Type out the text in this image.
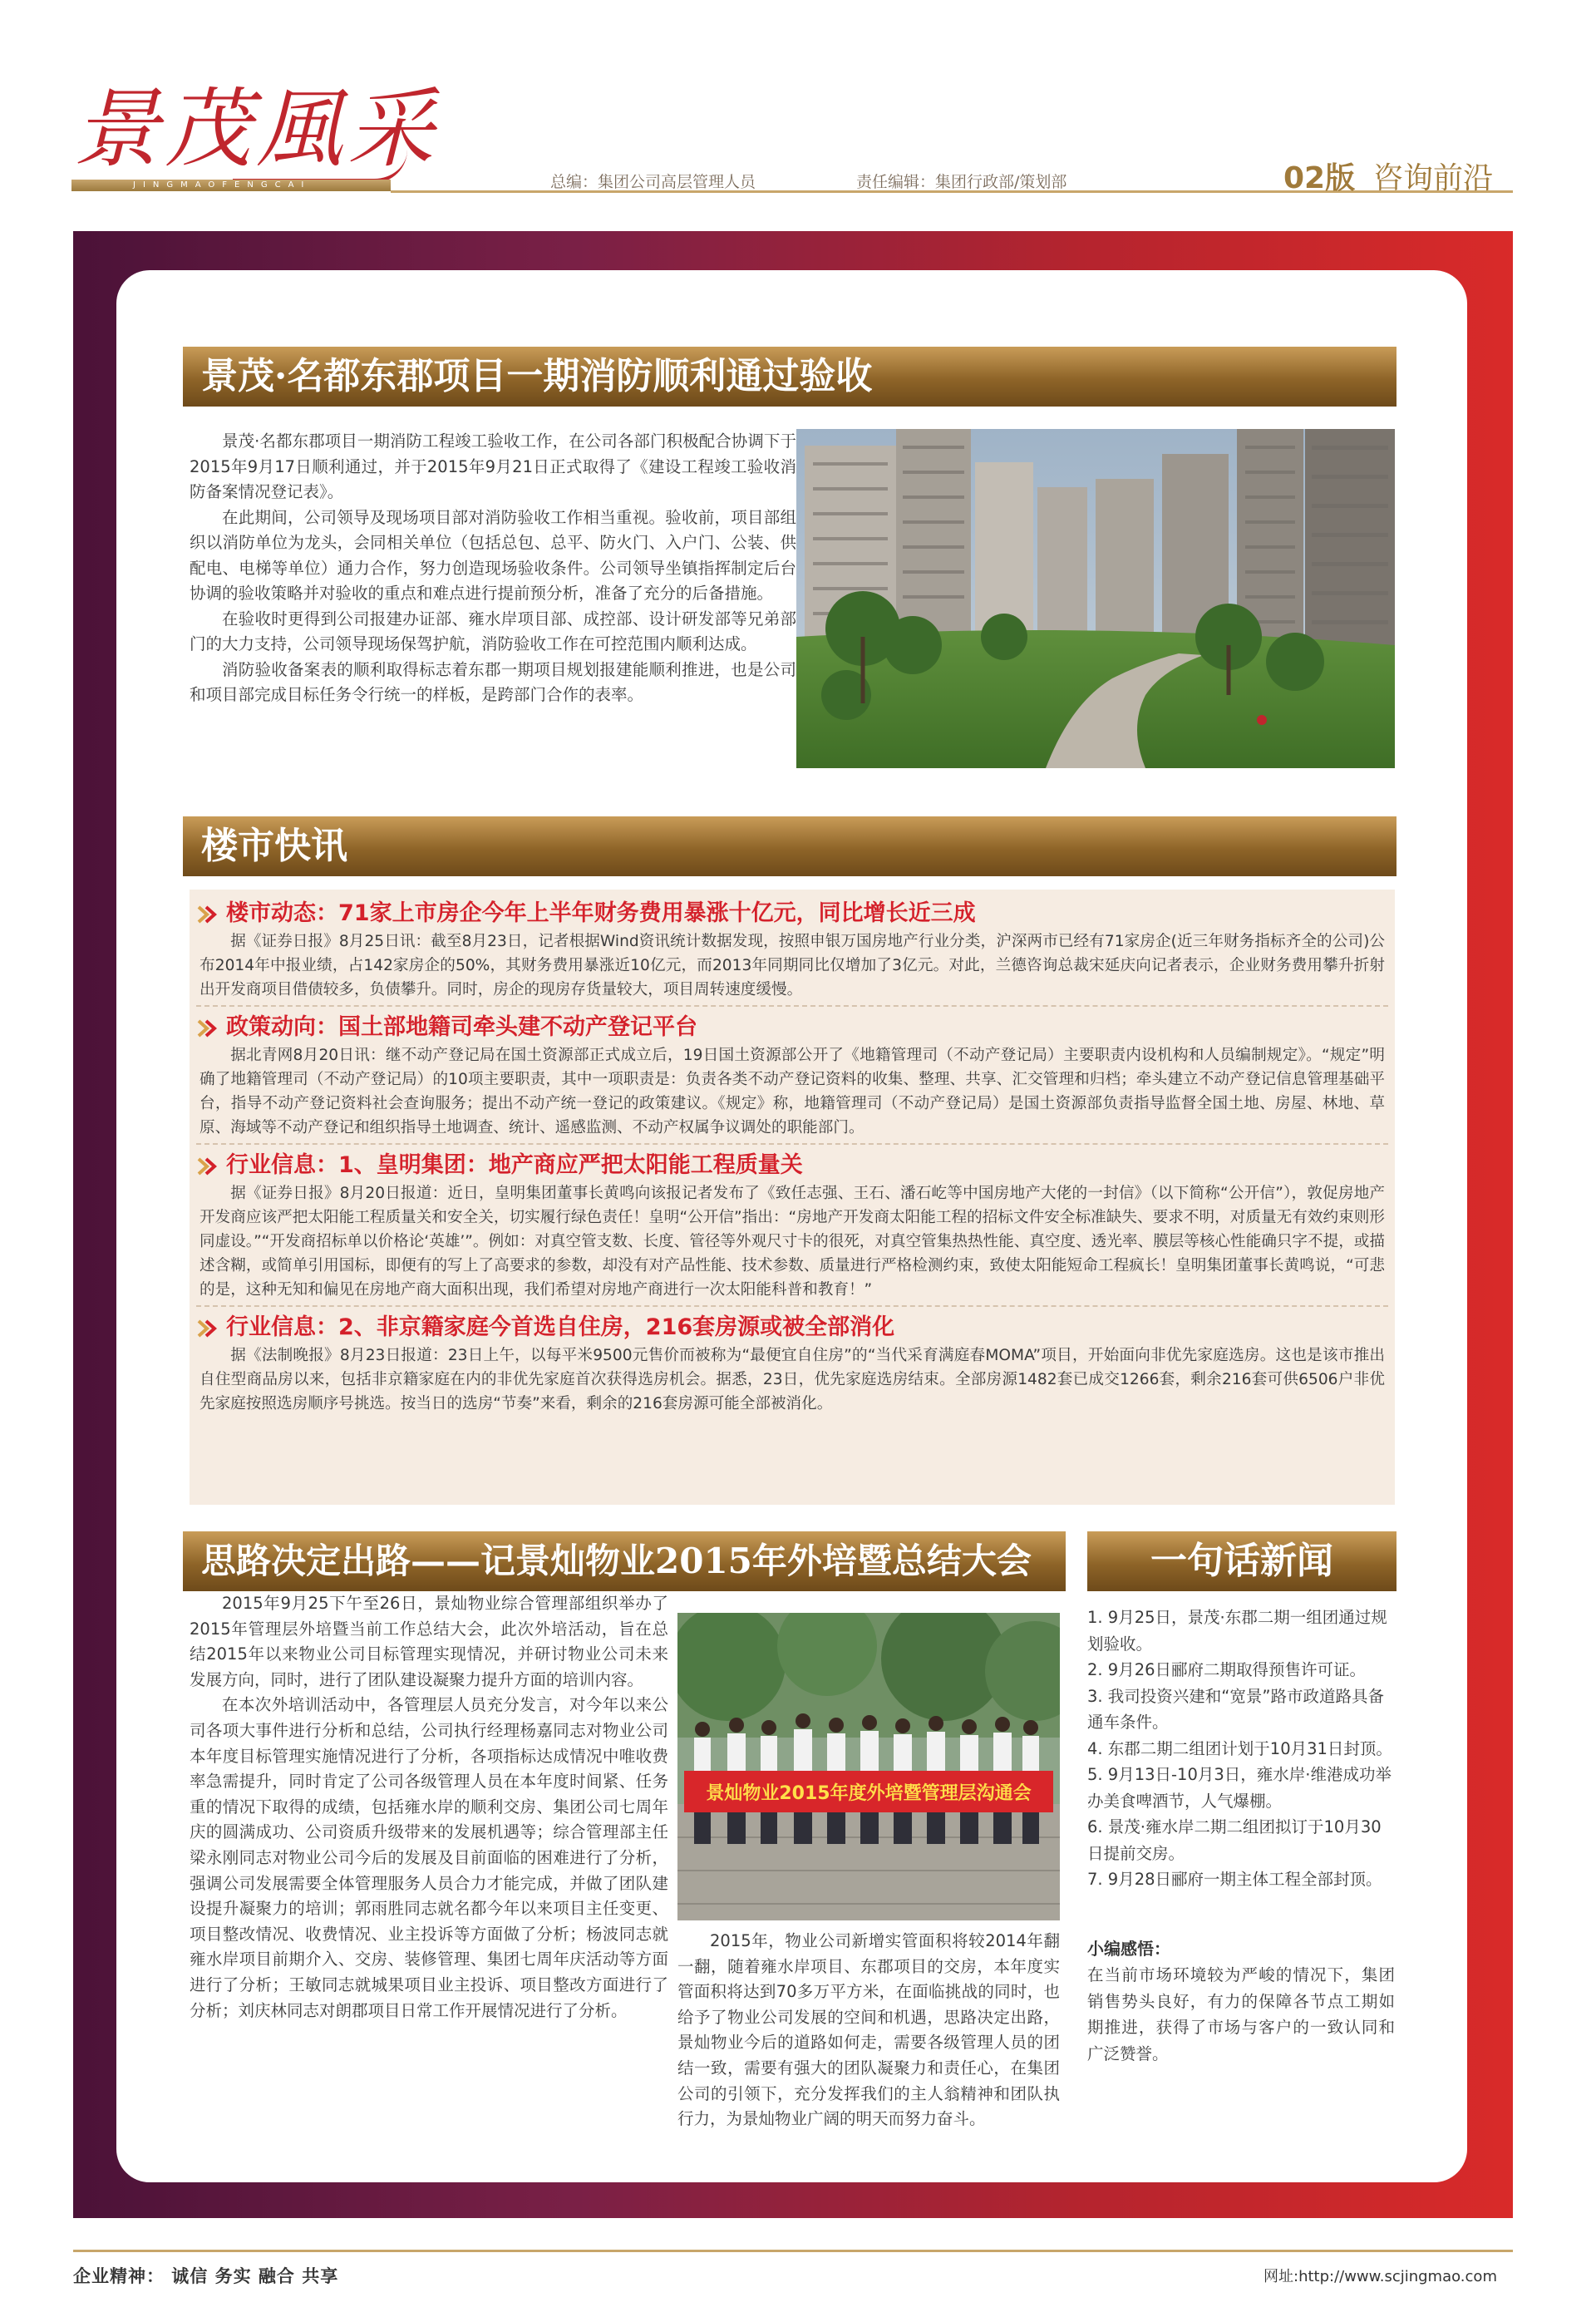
景茂風采
JINGMAOFENGCAI	总编：集团公司高层管理人员	责任编辑：集团行政部/策划部	02版 咨询前沿
景茂·名都东郡项目一期消防顺利通过验收

景茂·名都东郡项目一期消防工程竣工验收工作，在公司各部门积极配合协调下于2015年9月17日顺利通过，并于2015年9月21日正式取得了《建设工程竣工验收消防备案情况登记表》。

在此期间，公司领导及现场项目部对消防验收工作相当重视。验收前，项目部组织以消防单位为龙头，会同相关单位（包括总包、总平、防火门、入户门、公装、供配电、电梯等单位）通力合作，努力创造现场验收条件。公司领导坐镇指挥制定后台协调的验收策略并对验收的重点和难点进行提前预分析，准备了充分的后备措施。

在验收时更得到公司报建办证部、雍水岸项目部、成控部、设计研发部等兄弟部门的大力支持，公司领导现场保驾护航，消防验收工作在可控范围内顺利达成。

消防验收备案表的顺利取得标志着东郡一期项目规划报建能顺利推进，也是公司和项目部完成目标任务令行统一的样板，是跨部门合作的表率。

楼市快讯
楼市动态：71家上市房企今年上半年财务费用暴涨十亿元，同比增长近三成
据《证券日报》8月25日讯：截至8月23日，记者根据Wind资讯统计数据发现，按照申银万国房地产行业分类，沪深两市已经有71家房企(近三年财务指标齐全的公司)公布2014年中报业绩，占142家房企的50%，其财务费用暴涨近10亿元，而2013年同期同比仅增加了3亿元。对此，兰德咨询总裁宋延庆向记者表示，企业财务费用攀升折射出开发商项目借债较多，负债攀升。同时，房企的现房存货量较大，项目周转速度缓慢。
政策动向：国土部地籍司牵头建不动产登记平台
据北青网8月20日讯：继不动产登记局在国土资源部正式成立后，19日国土资源部公开了《地籍管理司（不动产登记局）主要职责内设机构和人员编制规定》。“规定”明确了地籍管理司（不动产登记局）的10项主要职责，其中一项职责是：负责各类不动产登记资料的收集、整理、共享、汇交管理和归档；牵头建立不动产登记信息管理基础平台，指导不动产登记资料社会查询服务；提出不动产统一登记的政策建议。《规定》称，地籍管理司（不动产登记局）是国土资源部负责指导监督全国土地、房屋、林地、草原、海域等不动产登记和组织指导土地调查、统计、遥感监测、不动产权属争议调处的职能部门。
行业信息：1、皇明集团：地产商应严把太阳能工程质量关
据《证券日报》8月20日报道：近日，皇明集团董事长黄鸣向该报记者发布了《致任志强、王石、潘石屹等中国房地产大佬的一封信》（以下简称“公开信”），敦促房地产开发商应该严把太阳能工程质量关和安全关，切实履行绿色责任！皇明“公开信”指出：“房地产开发商太阳能工程的招标文件安全标准缺失、要求不明，对质量无有效约束则形同虚设。”“开发商招标单以价格论‘英雄’”。例如：对真空管支数、长度、管径等外观尺寸卡的很死，对真空管集热热性能、真空度、透光率、膜层等核心性能确只字不提，或描述含糊，或简单引用国标，即便有的写上了高要求的参数，却没有对产品性能、技术参数、质量进行严格检测约束，致使太阳能短命工程疯长！皇明集团董事长黄鸣说，“可悲的是，这种无知和偏见在房地产商大面积出现，我们希望对房地产商进行一次太阳能科普和教育！”
行业信息：2、非京籍家庭今首选自住房，216套房源或被全部消化
据《法制晚报》8月23日报道：23日上午，以每平米9500元售价而被称为“最便宜自住房”的“当代采育满庭春MOMA”项目，开始面向非优先家庭选房。这也是该市推出自住型商品房以来，包括非京籍家庭在内的非优先家庭首次获得选房机会。据悉，23日，优先家庭选房结束。全部房源1482套已成交1266套，剩余216套可供6506户非优先家庭按照选房顺序号挑选。按当日的选房“节奏”来看，剩余的216套房源可能全部被消化。
思路决定出路——记景灿物业2015年外培暨总结大会

2015年9月25下午至26日，景灿物业综合管理部组织举办了2015年管理层外培暨当前工作总结大会，此次外培活动，旨在总结2015年以来物业公司目标管理实现情况，并研讨物业公司未来发展方向，同时，进行了团队建设凝聚力提升方面的培训内容。

在本次外培训活动中，各管理层人员充分发言，对今年以来公司各项大事件进行分析和总结，公司执行经理杨嘉同志对物业公司本年度目标管理实施情况进行了分析，各项指标达成情况中唯收费率急需提升，同时肯定了公司各级管理人员在本年度时间紧、任务重的情况下取得的成绩，包括雍水岸的顺利交房、集团公司七周年庆的圆满成功、公司资质升级带来的发展机遇等；综合管理部主任梁永刚同志对物业公司今后的发展及目前面临的困难进行了分析，强调公司发展需要全体管理服务人员合力才能完成，并做了团队建设提升凝聚力的培训；郭雨胜同志就名都今年以来项目主任变更、项目整改情况、收费情况、业主投诉等方面做了分析；杨波同志就雍水岸项目前期介入、交房、装修管理、集团七周年庆活动等方面进行了分析；王敏同志就城果项目业主投诉、项目整改方面进行了分析；刘庆林同志对朗郡项目日常工作开展情况进行了分析。

景灿物业2015年度外培暨管理层沟通会

2015年，物业公司新增实管面积将较2014年翻一翻，随着雍水岸项目、东郡项目的交房，本年度实管面积将达到70多万平方米，在面临挑战的同时，也给予了物业公司发展的空间和机遇，思路决定出路，景灿物业今后的道路如何走，需要各级管理人员的团结一致，需要有强大的团队凝聚力和责任心，在集团公司的引领下，充分发挥我们的主人翁精神和团队执行力，为景灿物业广阔的明天而努力奋斗。

一句话新闻
1. 9月25日，景茂·东郡二期一组团通过规划验收。
2. 9月26日郦府二期取得预售许可证。
3. 我司投资兴建和“宽景”路市政道路具备通车条件。
4. 东郡二期二组团计划于10月31日封顶。
5. 9月13日-10月3日，雍水岸·维港成功举办美食啤酒节，人气爆棚。
6. 景茂·雍水岸二期二组团拟订于10月30日提前交房。
7. 9月28日郦府一期主体工程全部封顶。
小编感悟：
在当前市场环境较为严峻的情况下，集团销售势头良好，有力的保障各节点工期如期推进，获得了市场与客户的一致认同和广泛赞誉。
企业精神： 诚信 务实 融合 共享	网址:http://www.scjingmao.com
